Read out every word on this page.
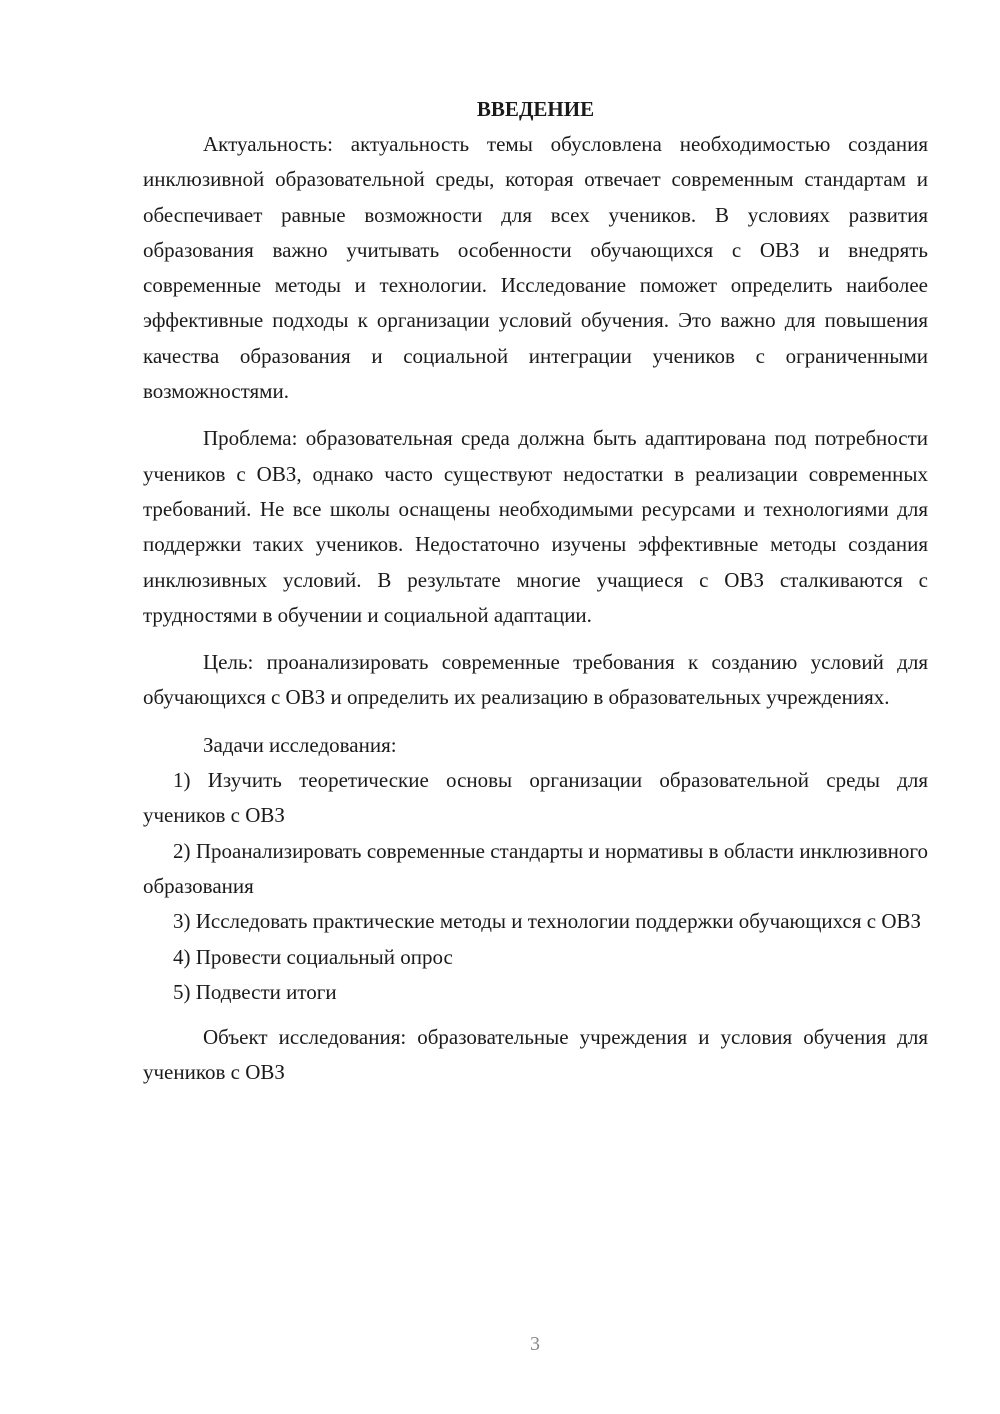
ВВЕДЕНИЕ

Актуальность: актуальность темы обусловлена необходимостью создания инклюзивной образовательной среды, которая отвечает современным стандартам и обеспечивает равные возможности для всех учеников. В условиях развития образования важно учитывать особенности обучающихся с ОВЗ и внедрять современные методы и технологии. Исследование поможет определить наиболее эффективные подходы к организации условий обучения. Это важно для повышения качества образования и социальной интеграции учеников с ограниченными возможностями.

Проблема: образовательная среда должна быть адаптирована под потребности учеников с ОВЗ, однако часто существуют недостатки в реализации современных требований. Не все школы оснащены необходимыми ресурсами и технологиями для поддержки таких учеников. Недостаточно изучены эффективные методы создания инклюзивных условий. В результате многие учащиеся с ОВЗ сталкиваются с трудностями в обучении и социальной адаптации.

Цель: проанализировать современные требования к созданию условий для обучающихся с ОВЗ и определить их реализацию в образовательных учреждениях.

Задачи исследования:

1) Изучить теоретические основы организации образовательной среды для учеников с ОВЗ

2) Проанализировать современные стандарты и нормативы в области инклюзивного образования

3) Исследовать практические методы и технологии поддержки обучающихся с ОВЗ

4) Провести социальный опрос

5) Подвести итоги

Объект исследования: образовательные учреждения и условия обучения для учеников с ОВЗ

3
